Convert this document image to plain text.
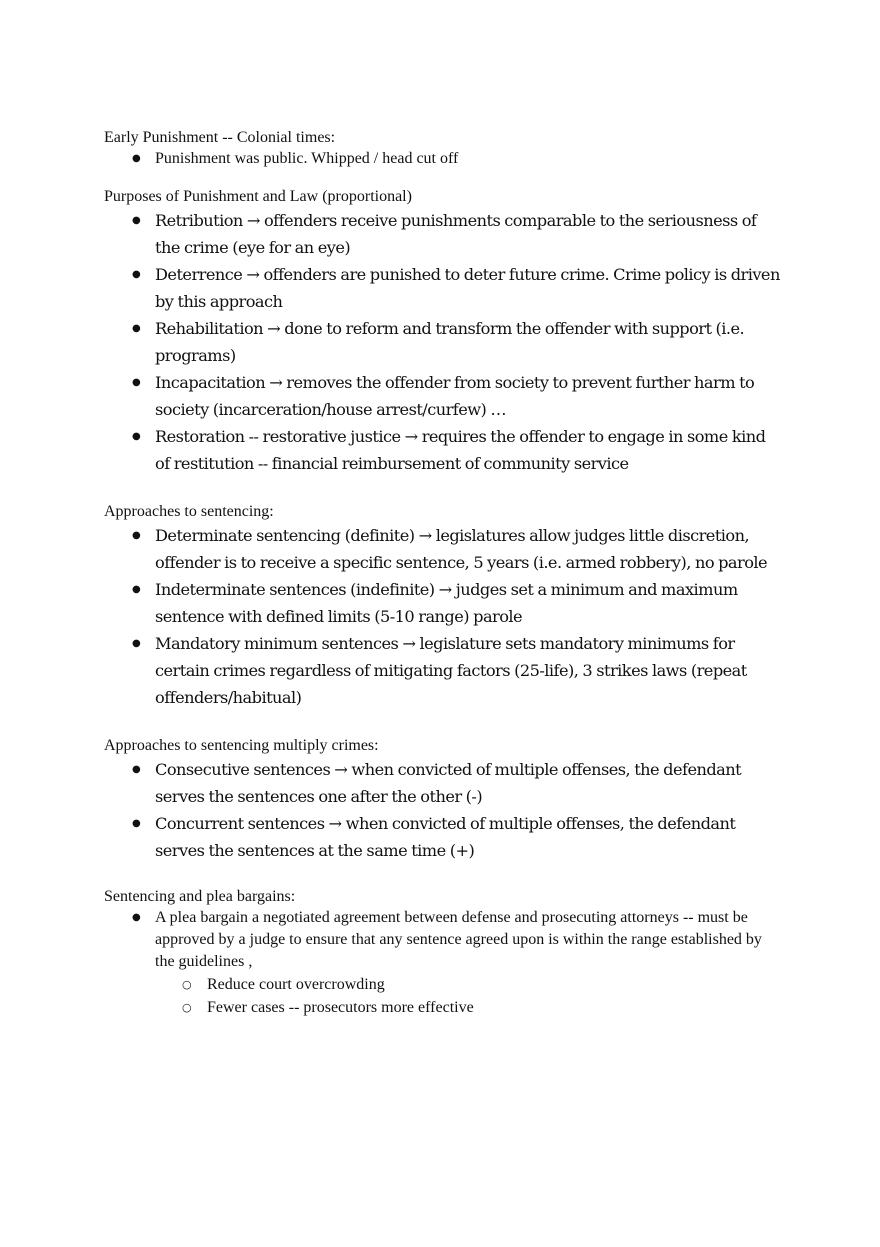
Early Punishment -- Colonial times:

● Punishment was public. Whipped / head cut off

Purposes of Punishment and Law (proportional)

● Retribution → offenders receive punishments comparable to the seriousness of the crime (eye for an eye)
● Deterrence → offenders are punished to deter future crime. Crime policy is driven by this approach
● Rehabilitation → done to reform and transform the offender with support (i.e. programs)
● Incapacitation → removes the offender from society to prevent further harm to society (incarceration/house arrest/curfew) …
● Restoration -- restorative justice → requires the offender to engage in some kind of restitution -- financial reimbursement of community service

Approaches to sentencing:

● Determinate sentencing (definite) → legislatures allow judges little discretion, offender is to receive a specific sentence, 5 years (i.e. armed robbery), no parole
● Indeterminate sentences (indefinite) → judges set a minimum and maximum sentence with defined limits (5-10 range) parole
● Mandatory minimum sentences → legislature sets mandatory minimums for certain crimes regardless of mitigating factors (25-life), 3 strikes laws (repeat offenders/habitual)

Approaches to sentencing multiply crimes:

● Consecutive sentences → when convicted of multiple offenses, the defendant serves the sentences one after the other (-)
● Concurrent sentences → when convicted of multiple offenses, the defendant serves the sentences at the same time (+)

Sentencing and plea bargains:

● A plea bargain a negotiated agreement between defense and prosecuting attorneys -- must be approved by a judge to ensure that any sentence agreed upon is within the range established by the guidelines ,
○ Reduce court overcrowding
○ Fewer cases -- prosecutors more effective
